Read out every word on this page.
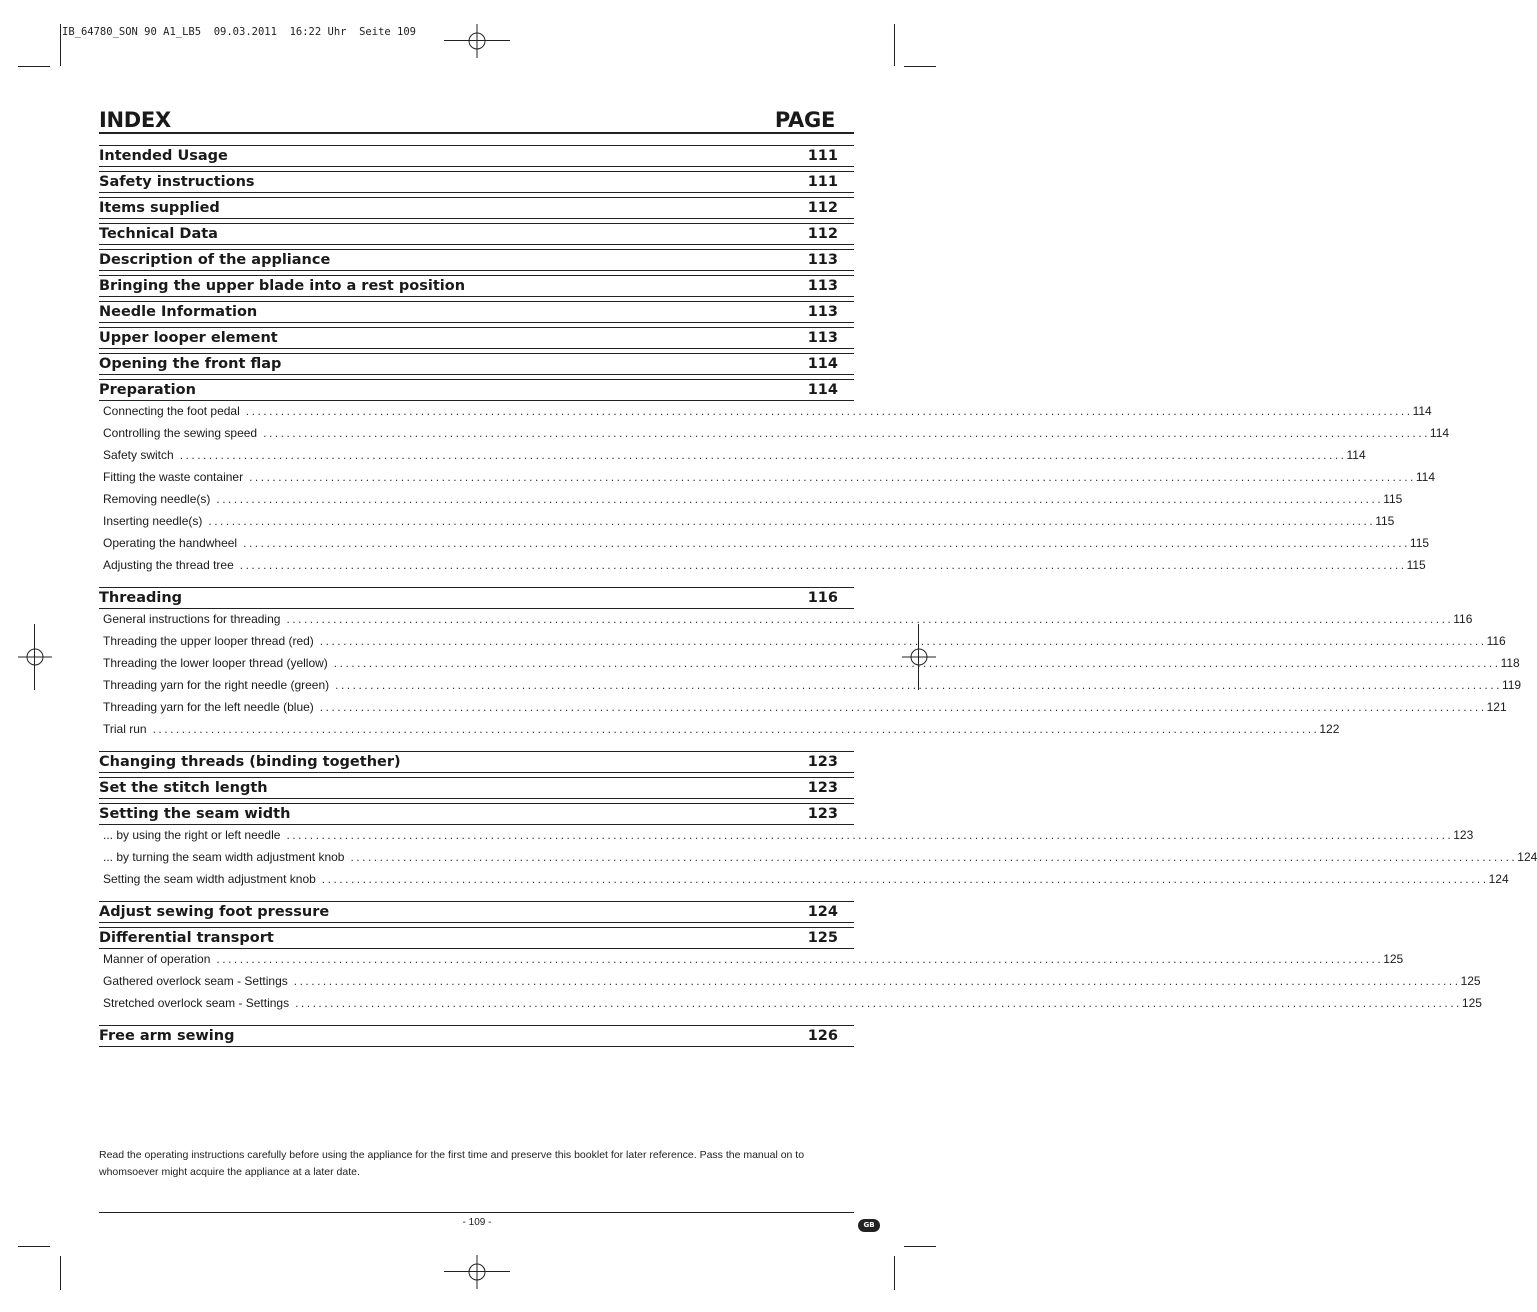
IB_64780_SON 90 A1_LB5  09.03.2011  16:22 Uhr  Seite 109
INDEX	PAGE
Intended Usage	111
Safety instructions	111
Items supplied	112
Technical Data	112
Description of the appliance	113
Bringing the upper blade into a rest position	113
Needle Information	113
Upper looper element	113
Opening the front flap	114
Preparation	114
Connecting the foot pedal ........................................................................................................................................................................................................ 114
Controlling the sewing speed ........................................................................................................................................................................................................ 114
Safety switch ........................................................................................................................................................................................................ 114
Fitting the waste container ........................................................................................................................................................................................................ 114
Removing needle(s) ........................................................................................................................................................................................................ 115
Inserting needle(s) ........................................................................................................................................................................................................ 115
Operating the handwheel ........................................................................................................................................................................................................ 115
Adjusting the thread tree ........................................................................................................................................................................................................ 115
Threading	116
General instructions for threading ........................................................................................................................................................................................................ 116
Threading the upper looper thread (red) ........................................................................................................................................................................................................ 116
Threading the lower looper thread (yellow) ........................................................................................................................................................................................................ 118
Threading yarn for the right needle (green) ........................................................................................................................................................................................................ 119
Threading yarn for the left needle (blue) ........................................................................................................................................................................................................ 121
Trial run ........................................................................................................................................................................................................ 122
Changing threads (binding together)	123
Set the stitch length	123
Setting the seam width	123
... by using the right or left needle ........................................................................................................................................................................................................ 123
... by turning the seam width adjustment knob ........................................................................................................................................................................................................ 124
Setting the seam width adjustment knob ........................................................................................................................................................................................................ 124
Adjust sewing foot pressure	124
Differential transport	125
Manner of operation ........................................................................................................................................................................................................ 125
Gathered overlock seam - Settings ........................................................................................................................................................................................................ 125
Stretched overlock seam - Settings ........................................................................................................................................................................................................ 125
Free arm sewing	126
Read the operating instructions carefully before using the appliance for the first time and preserve this booklet for later reference. Pass the manual on to whomsoever might acquire the appliance at a later date.
- 109 -	GB
